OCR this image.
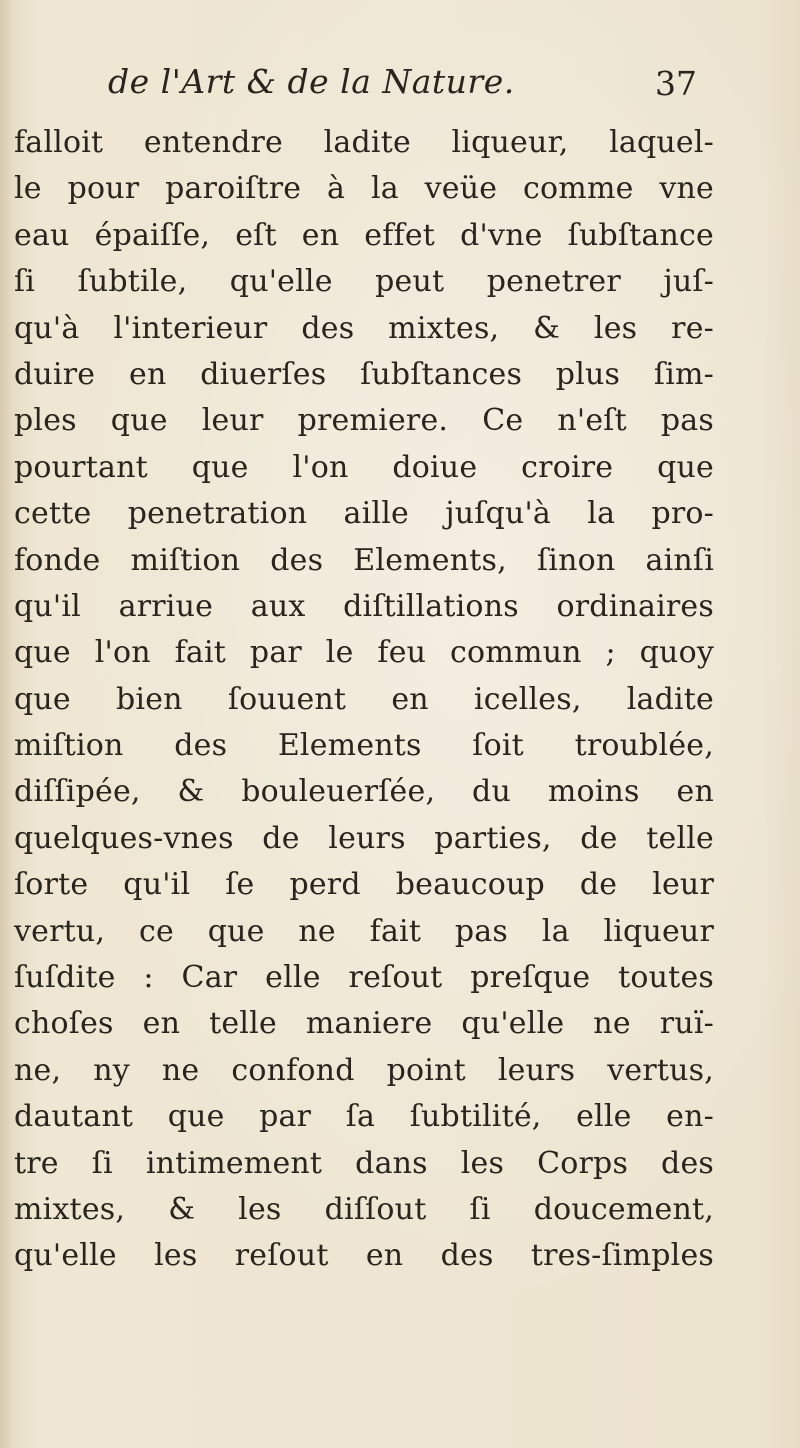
de l'Art & de la Nature.	37
falloit entendre ladite liqueur, laquel-
le pour paroiſtre à la veüe comme vne
eau épaiſſe, eſt en effet d'vne ſubſtance
ſi ſubtile, qu'elle peut penetrer juſ-
qu'à l'interieur des mixtes, & les re-
duire en diuerſes ſubſtances plus ſim-
ples que leur premiere. Ce n'eſt pas
pourtant que l'on doiue croire que
cette penetration aille juſqu'à la pro-
fonde miſtion des Elements, ſinon ainſi
qu'il arriue aux diſtillations ordinaires
que l'on fait par le feu commun ; quoy
que bien ſouuent en icelles, ladite
miſtion des Elements ſoit troublée,
diſſipée, & bouleuerſée, du moins en
quelques-vnes de leurs parties, de telle
ſorte qu'il ſe perd beaucoup de leur
vertu, ce que ne fait pas la liqueur
ſuſdite : Car elle reſout preſque toutes
choſes en telle maniere qu'elle ne ruï-
ne, ny ne confond point leurs vertus,
dautant que par ſa ſubtilité, elle en-
tre ſi intimement dans les Corps des
mixtes, & les diſſout ſi doucement,
qu'elle les reſout en des tres-ſimples
